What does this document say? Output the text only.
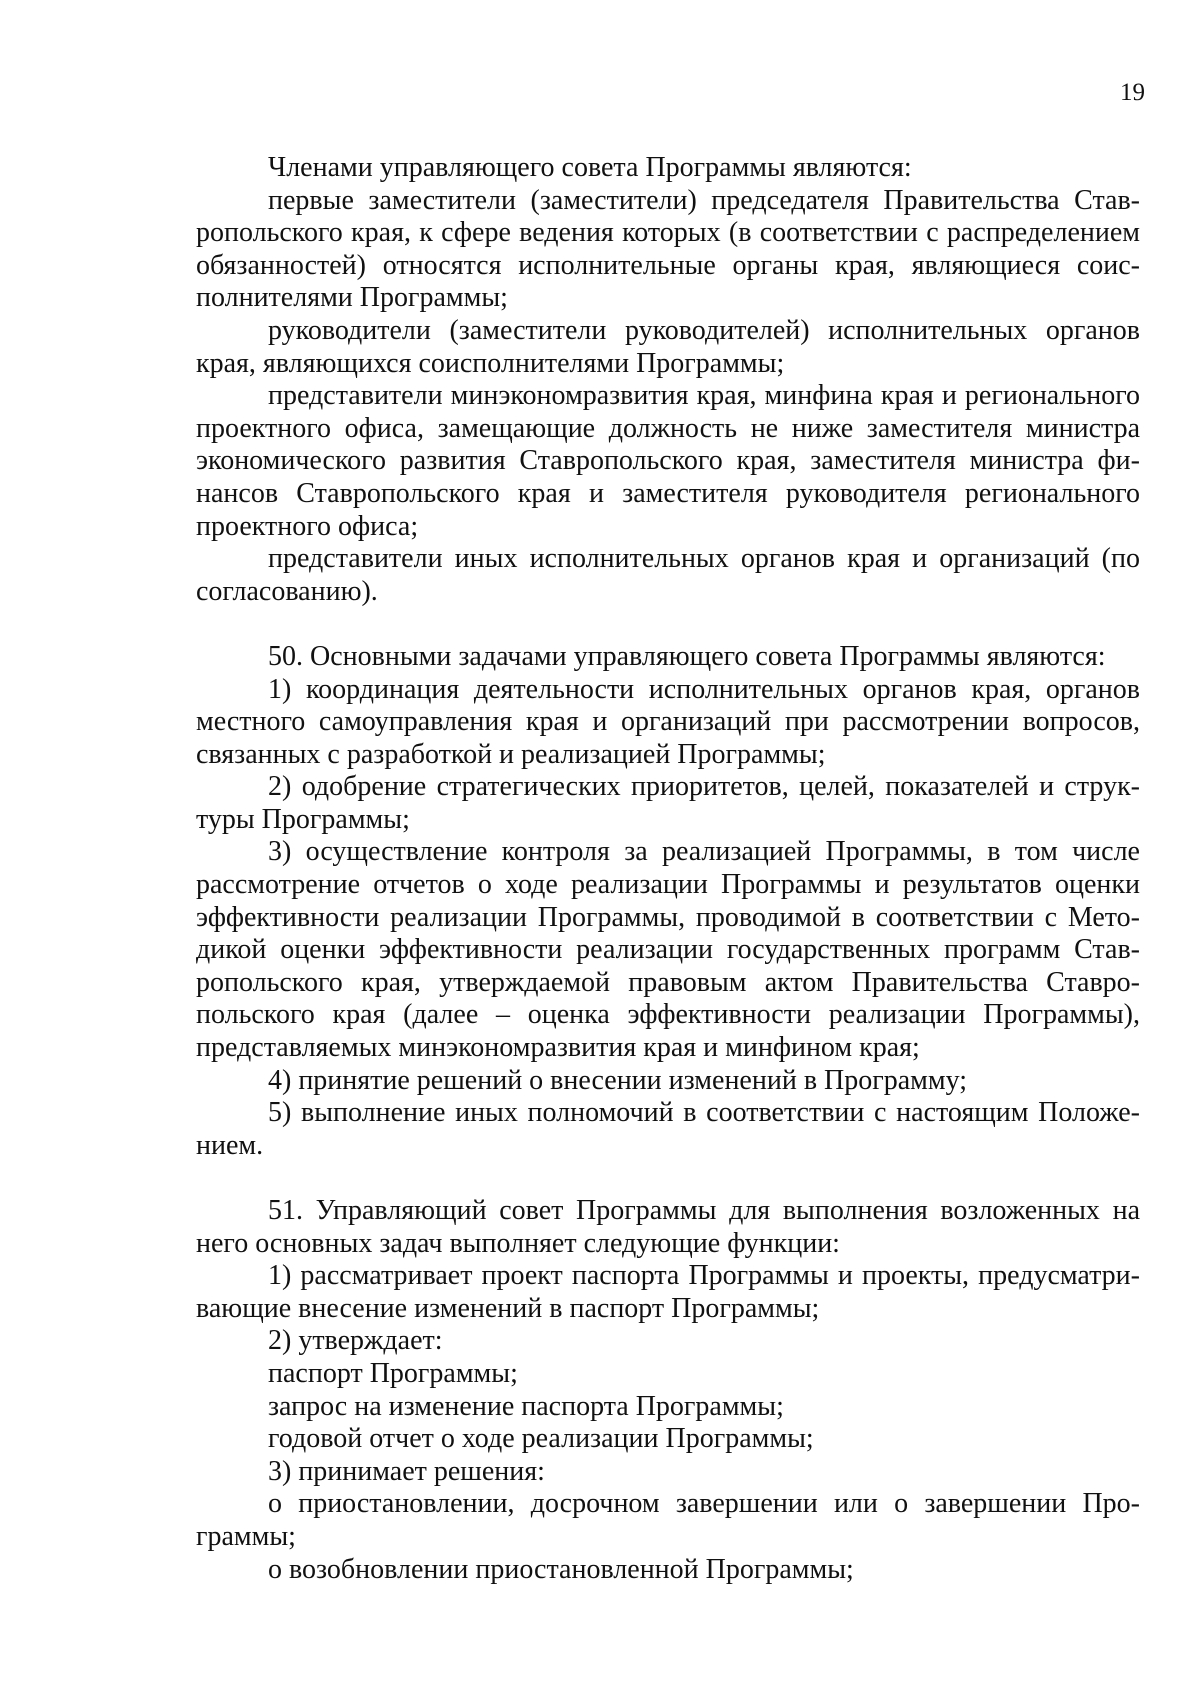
19

Членами управляющего совета Программы являются:

первые заместители (заместители) председателя Правительства Ставропольского края, к сфере ведения которых (в соответствии с распределением обязанностей) относятся исполнительные органы края, являющиеся соисполнителями Программы;

руководители (заместители руководителей) исполнительных органов края, являющихся соисполнителями Программы;

представители минэкономразвития края, минфина края и регионального проектного офиса, замещающие должность не ниже заместителя министра экономического развития Ставропольского края, заместителя министра финансов Ставропольского края и заместителя руководителя регионального проектного офиса;

представители иных исполнительных органов края и организаций (по согласованию).

50. Основными задачами управляющего совета Программы являются:

1) координация деятельности исполнительных органов края, органов местного самоуправления края и организаций при рассмотрении вопросов, связанных с разработкой и реализацией Программы;

2) одобрение стратегических приоритетов, целей, показателей и структуры Программы;

3) осуществление контроля за реализацией Программы, в том числе рассмотрение отчетов о ходе реализации Программы и результатов оценки эффективности реализации Программы, проводимой в соответствии с Методикой оценки эффективности реализации государственных программ Ставропольского края, утверждаемой правовым актом Правительства Ставропольского края (далее – оценка эффективности реализации Программы), представляемых минэкономразвития края и минфином края;

4) принятие решений о внесении изменений в Программу;

5) выполнение иных полномочий в соответствии с настоящим Положением.

51. Управляющий совет Программы для выполнения возложенных на него основных задач выполняет следующие функции:

1) рассматривает проект паспорта Программы и проекты, предусматривающие внесение изменений в паспорт Программы;

2) утверждает:

паспорт Программы;

запрос на изменение паспорта Программы;

годовой отчет о ходе реализации Программы;

3) принимает решения:

о приостановлении, досрочном завершении или о завершении Программы;

о возобновлении приостановленной Программы;
